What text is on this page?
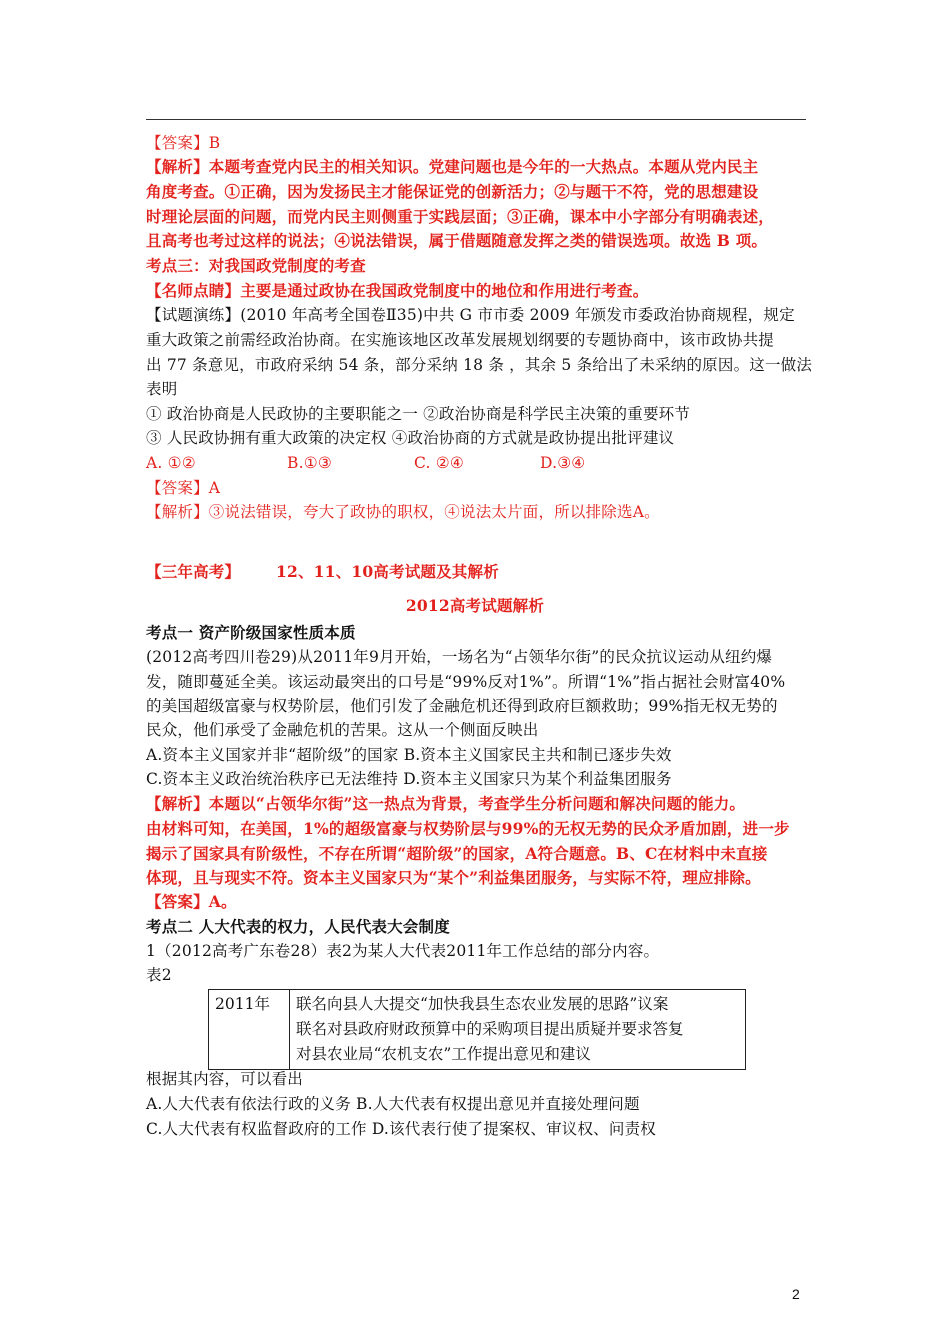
【答案】B
【解析】本题考查党内民主的相关知识。党建问题也是今年的一大热点。本题从党内民主
角度考查。①正确，因为发扬民主才能保证党的创新活力；②与题干不符，党的思想建设
时理论层面的问题，而党内民主则侧重于实践层面；③正确，课本中小字部分有明确表述，
且高考也考过这样的说法；④说法错误，属于借题随意发挥之类的错误选项。故选 B 项。
考点三：对我国政党制度的考查
【名师点睛】主要是通过政协在我国政党制度中的地位和作用进行考查。
【试题演练】(2010 年高考全国卷Ⅱ35)中共 G 市市委 2009 年颁发市委政治协商规程，规定
重大政策之前需经政治协商。在实施该地区改革发展规划纲要的专题协商中，该市政协共提
出 77 条意见，市政府采纳 54 条，部分采纳 18 条 ，其余 5 条给出了未采纳的原因。这一做法
表明
① 政治协商是人民政协的主要职能之一 ②政治协商是科学民主决策的重要环节
③ 人民政协拥有重大政策的决定权 ④政治协商的方式就是政协提出批评建议
A. ①②	B.①③	C. ②④	D.③④
【答案】A
【解析】③说法错误，夸大了政协的职权，④说法太片面，所以排除选A。
【三年高考】 12、11、10高考试题及其解析
2012高考试题解析
考点一 资产阶级国家性质本质
(2012高考四川卷29)从2011年9月开始，一场名为“占领华尔街”的民众抗议运动从纽约爆
发，随即蔓延全美。该运动最突出的口号是“99%反对1%”。所谓“1%”指占据社会财富40%
的美国超级富豪与权势阶层，他们引发了金融危机还得到政府巨额救助；99%指无权无势的
民众，他们承受了金融危机的苦果。这从一个侧面反映出
A.资本主义国家并非“超阶级”的国家 B.资本主义国家民主共和制已逐步失效
C.资本主义政治统治秩序已无法维持 D.资本主义国家只为某个利益集团服务
【解析】本题以“占领华尔街”这一热点为背景，考查学生分析问题和解决问题的能力。
由材料可知，在美国，1%的超级富豪与权势阶层与99%的无权无势的民众矛盾加剧，进一步
揭示了国家具有阶级性，不存在所谓“超阶级”的国家，A符合题意。B、C在材料中未直接
体现，且与现实不符。资本主义国家只为“某个”利益集团服务，与实际不符，理应排除。
【答案】A。
考点二 人大代表的权力，人民代表大会制度
1（2012高考广东卷28）表2为某人大代表2011年工作总结的部分内容。
表2
2011年	联名向县人大提交“加快我县生态农业发展的思路”议案
联名对县政府财政预算中的采购项目提出质疑并要求答复
对县农业局“农机支农”工作提出意见和建议
根据其内容，可以看出
A.人大代表有依法行政的义务 B.人大代表有权提出意见并直接处理问题
C.人大代表有权监督政府的工作 D.该代表行使了提案权、审议权、问责权
2
